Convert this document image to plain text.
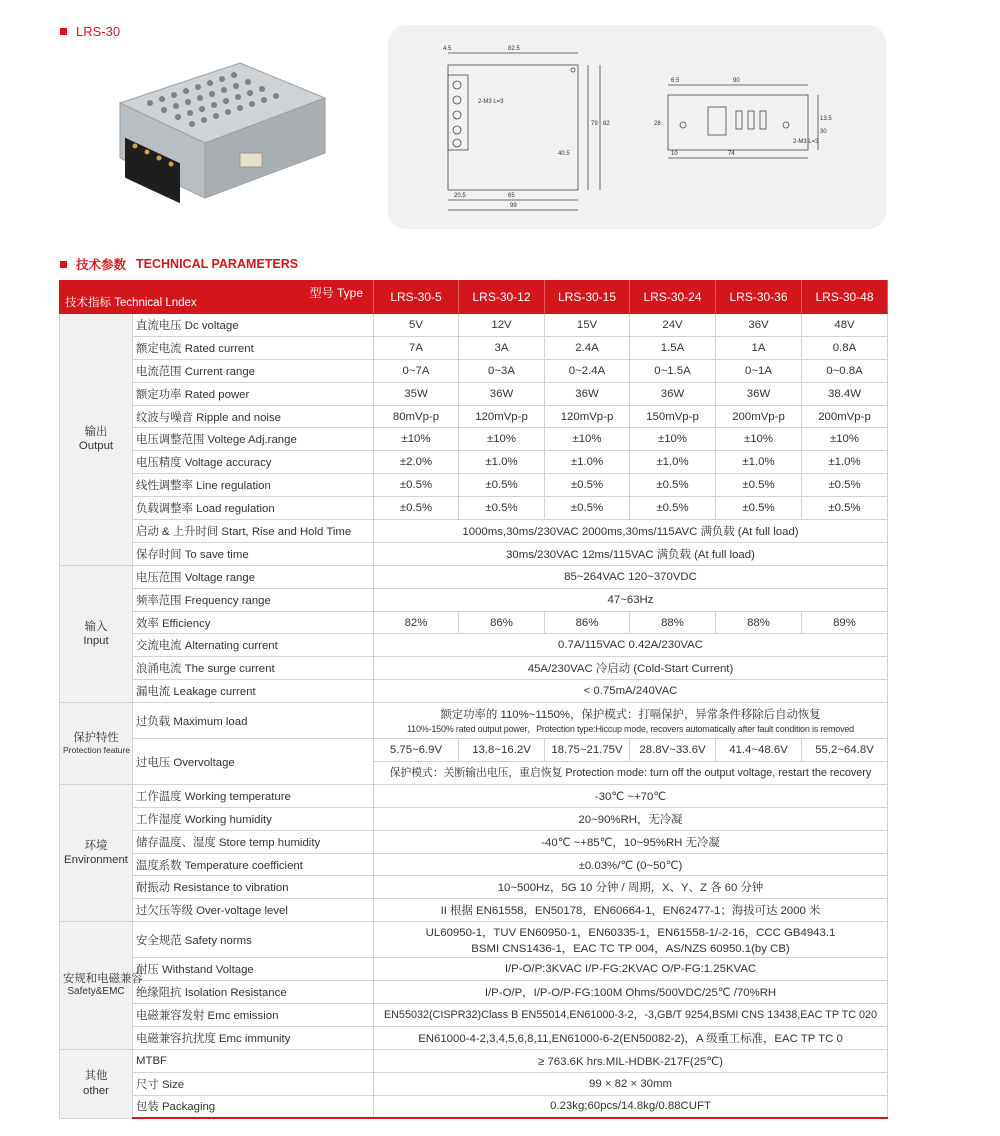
LRS-30
82.5
4.5
20.5	65
99
79 82
40.5
2-M3 L=3
90
6.5
74
10
13.5
30
28
2-M3 L=3
技术参数 TECHNICAL PARAMETERS
型号 Type
技术指标 Technical Lndex		LRS-30-5	LRS-30-12	LRS-30-15	LRS-30-24	LRS-30-36	LRS-30-48
输出
Output	直流电压 Dc voltage	5V	12V	15V	24V	36V	48V
	额定电流 Rated current	7A	3A	2.4A	1.5A	1A	0.8A
	电流范围 Current range	0~7A	0~3A	0~2.4A	0~1.5A	0~1A	0~0.8A
	额定功率 Rated power	35W	36W	36W	36W	36W	38.4W
	纹波与噪音 Ripple and noise	80mVp-p	120mVp-p	120mVp-p	150mVp-p	200mVp-p	200mVp-p
	电压调整范围 Voltege Adj.range	±10%	±10%	±10%	±10%	±10%	±10%
	电压精度 Voltage accuracy	±2.0%	±1.0%	±1.0%	±1.0%	±1.0%	±1.0%
	线性调整率 Line regulation	±0.5%	±0.5%	±0.5%	±0.5%	±0.5%	±0.5%
	负载调整率 Load regulation	±0.5%	±0.5%	±0.5%	±0.5%	±0.5%	±0.5%
	启动 & 上升时间 Start, Rise and Hold Time	1000ms,30ms/230VAC 2000ms,30ms/115AVC 满负载 (At full load)					
	保存时间 To save time	30ms/230VAC 12ms/115VAC 满负载 (At full load)					
输入
Input	电压范围 Voltage range	85~264VAC 120~370VDC					
	频率范围 Frequency range	47~63Hz					
	效率 Efficiency	82%	86%	86%	88%	88%	89%
	交流电流 Alternating current	0.7A/115VAC 0.42A/230VAC					
	浪涌电流 The surge current	45A/230VAC 冷启动 (Cold-Start Current)					
	漏电流 Leakage current	< 0.75mA/240VAC					
保护特性

Protection feature	过负载 Maximum load	额定功率的 110%~1150%，保护模式：打嗝保护，异常条件移除后自动恢复
110%-150% rated output power，Protection type:Hiccup mode, recovers automatically after fault condition is removed					

	过电压 Overvoltage	5.75~6.9V	13.8~16.2V	18.75~21.75V	28.8V~33.6V	41.4~48.6V	55.2~64.8V
		保护模式：关断输出电压，重启恢复 Protection mode: turn off the output voltage, restart the recovery					
环境
Environment	工作温度 Working temperature	-30℃ ~+70℃					
	工作湿度 Working humidity	20~90%RH，无冷凝					
	储存温度、湿度 Store temp humidity	-40℃ ~+85℃，10~95%RH 无冷凝					
	温度系数 Temperature coefficient	±0.03%/℃ (0~50℃)					
	耐振动 Resistance to vibration	10~500Hz，5G 10 分钟 / 周期，X、Y、Z 各 60 分钟					
	过欠压等级 Over-voltage level	II 根据 EN61558，EN50178，EN60664-1，EN62477-1；海拔可达 2000 米					
安规和电磁兼容

Safety&EMC	安全规范 Safety norms	UL60950-1，TUV EN60950-1，EN60335-1，EN61558-1/-2-16，CCC GB4943.1
BSMI CNS1436-1，EAC TC TP 004，AS/NZS 60950.1(by CB)					

	耐压 Withstand Voltage	I/P-O/P:3KVAC I/P-FG:2KVAC O/P-FG:1.25KVAC					
	绝缘阻抗 Isolation Resistance	I/P-O/P，I/P-O/P-FG:100M Ohms/500VDC/25℃ /70%RH					
	电磁兼容发射 Emc emission	EN55032(CISPR32)Class B EN55014,EN61000-3-2，-3,GB/T 9254,BSMI CNS 13438,EAC TP TC 020					
	电磁兼容抗扰度 Emc immunity	EN61000-4-2,3,4,5,6,8,11,EN61000-6-2(EN50082-2)，A 级重工标准，EAC TP TC 0					
其他
other	MTBF	≥ 763.6K hrs.MIL-HDBK-217F(25℃)					
	尺寸 Size	99 × 82 × 30mm					
	包装 Packaging	0.23kg;60pcs/14.8kg/0.88CUFT					
